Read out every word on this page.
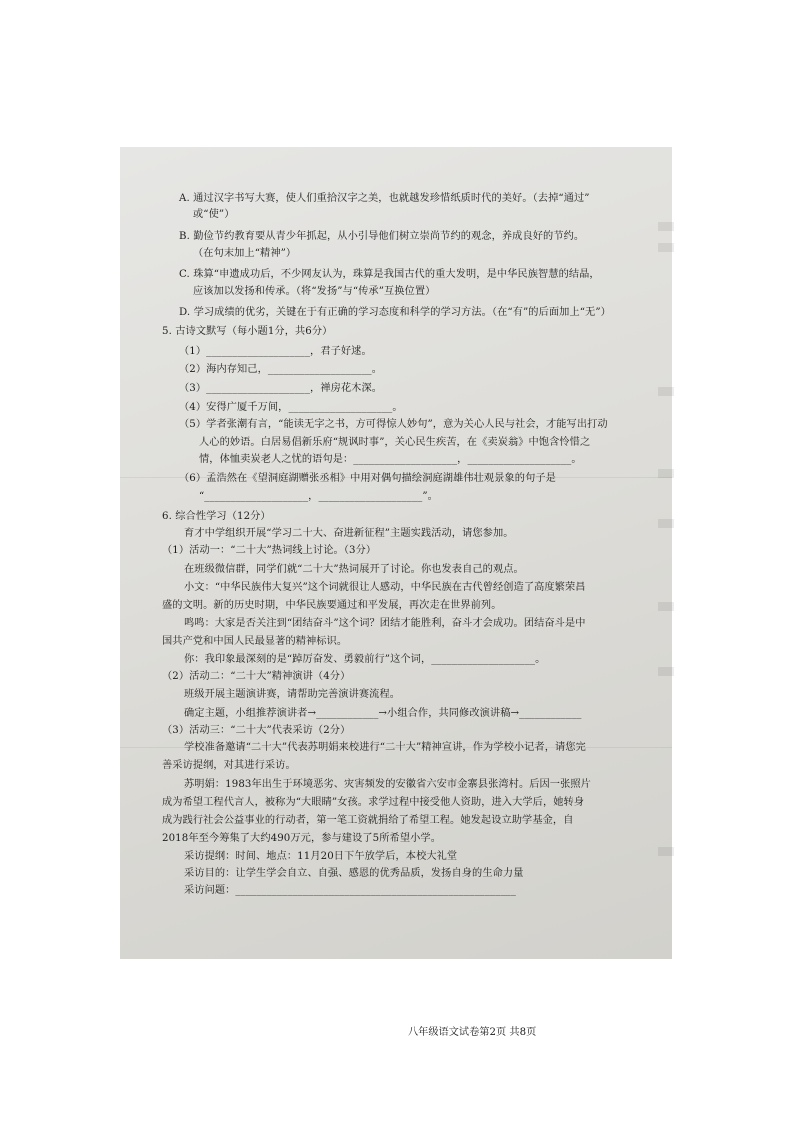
A. 通过汉字书写大赛，使人们重拾汉字之美，也就越发珍惜纸质时代的美好。（去掉“通过”
或“使”）
B. 勤俭节约教育要从青少年抓起，从小引导他们树立崇尚节约的观念，养成良好的节约。
（在句末加上“精神”）
C. 珠算“申遗成功后，不少网友认为，珠算是我国古代的重大发明，是中华民族智慧的结晶，
应该加以发扬和传承。（将“发扬”与“传承”互换位置）
D. 学习成绩的优劣，关键在于有正确的学习态度和科学的学习方法。（在“有”的后面加上“无”）
5. 古诗文默写（每小题1分，共6分）
（1）____________________，君子好逑。
（2）海内存知己，____________________。
（3）____________________，禅房花木深。
（4）安得广厦千万间，____________________。
（5）学者张潮有言，“能读无字之书，方可得惊人妙句”，意为关心人民与社会，才能写出打动
人心的妙语。白居易倡新乐府“规讽时事”，关心民生疾苦，在《卖炭翁》中饱含怜惜之
情，体恤卖炭老人之忧的语句是：____________________，____________________。
（6）孟浩然在《望洞庭湖赠张丞相》中用对偶句描绘洞庭湖雄伟壮观景象的句子是
“____________________，____________________”。
6. 综合性学习（12分）
育才中学组织开展“学习二十大、奋进新征程”主题实践活动，请您参加。
（1）活动一：“二十大”热词线上讨论。（3分）
在班级微信群，同学们就“二十大”热词展开了讨论。你也发表自己的观点。
小文：“中华民族伟大复兴”这个词就很让人感动，中华民族在古代曾经创造了高度繁荣昌
盛的文明。新的历史时期，中华民族要通过和平发展，再次走在世界前列。
鸣鸣：大家是否关注到“团结奋斗”这个词？团结才能胜利，奋斗才会成功。团结奋斗是中
国共产党和中国人民最显著的精神标识。
你：我印象最深刻的是“踔厉奋发、勇毅前行”这个词，____________________。
（2）活动二：“二十大”精神演讲（4分）
班级开展主题演讲赛，请帮助完善演讲赛流程。
确定主题，小组推荐演讲者→____________→小组合作，共同修改演讲稿→____________
（3）活动三：“二十大”代表采访（2分）
学校准备邀请“二十大”代表苏明娟来校进行“二十大”精神宣讲，作为学校小记者，请您完
善采访提纲，对其进行采访。
苏明娟：1983年出生于环境恶劣、灾害频发的安徽省六安市金寨县张湾村。后因一张照片
成为希望工程代言人，被称为“大眼睛”女孩。求学过程中接受他人资助，进入大学后，她转身
成为践行社会公益事业的行动者，第一笔工资就捐给了希望工程。她发起设立助学基金，自
2018年至今筹集了大约490万元，参与建设了5所希望小学。
采访提纲：时间、地点：11月20日下午放学后，本校大礼堂
采访目的：让学生学会自立、自强、感恩的优秀品质，发扬自身的生命力量
采访问题：______________________________________________________
八年级语文试卷第2页 共8页
